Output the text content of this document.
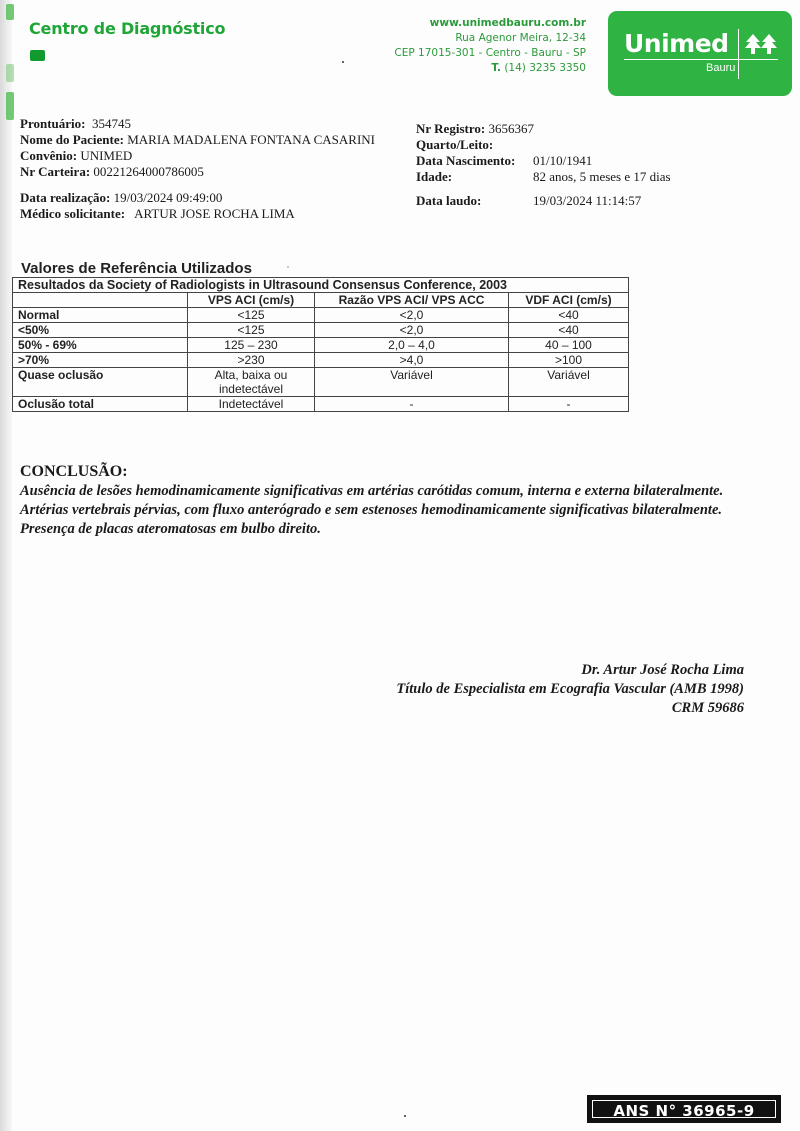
Centro de Diagnóstico	www.unimedbauru.com.br
Rua Agenor Meira, 12-34
CEP 17015-301 - Centro - Bauru - SP
T. (14) 3235 3350
Unimed
Bauru
Prontuário: 354745
Nome do Paciente: MARIA MADALENA FONTANA CASARINI
Convênio: UNIMED
Nr Carteira: 00221264000786005
Data realização: 19/03/2024 09:49:00
Médico solicitante: ARTUR JOSE ROCHA LIMA
Nr Registro: 3656367
Quarto/Leito:
Data Nascimento: 01/10/1941
Idade:	82 anos, 5 meses e 17 dias
Data laudo:	19/03/2024 11:14:57
Valores de Referência Utilizados
Resultados da Society of Radiologists in Ultrasound Consensus Conference, 2003			
	VPS ACI (cm/s)	Razão VPS ACI/ VPS ACC	VDF ACI (cm/s)
Normal	<125	<2,0	<40
<50%	<125	<2,0	<40
50% - 69%	125 – 230	2,0 – 4,0	40 – 100
>70%	>230	>4,0	>100
Quase oclusão	Alta, baixa ou indetectável	Variável	Variável
Oclusão total	Indetectável	-	-
CONCLUSÃO:

Ausência de lesões hemodinamicamente significativas em artérias carótidas comum, interna e externa bilateralmente.

Artérias vertebrais pérvias, com fluxo anterógrado e sem estenoses hemodinamicamente significativas bilateralmente.

Presença de placas ateromatosas em bulbo direito.

Dr. Artur José Rocha Lima
Título de Especialista em Ecografia Vascular (AMB 1998)
CRM 59686
ANS N° 36965-9
